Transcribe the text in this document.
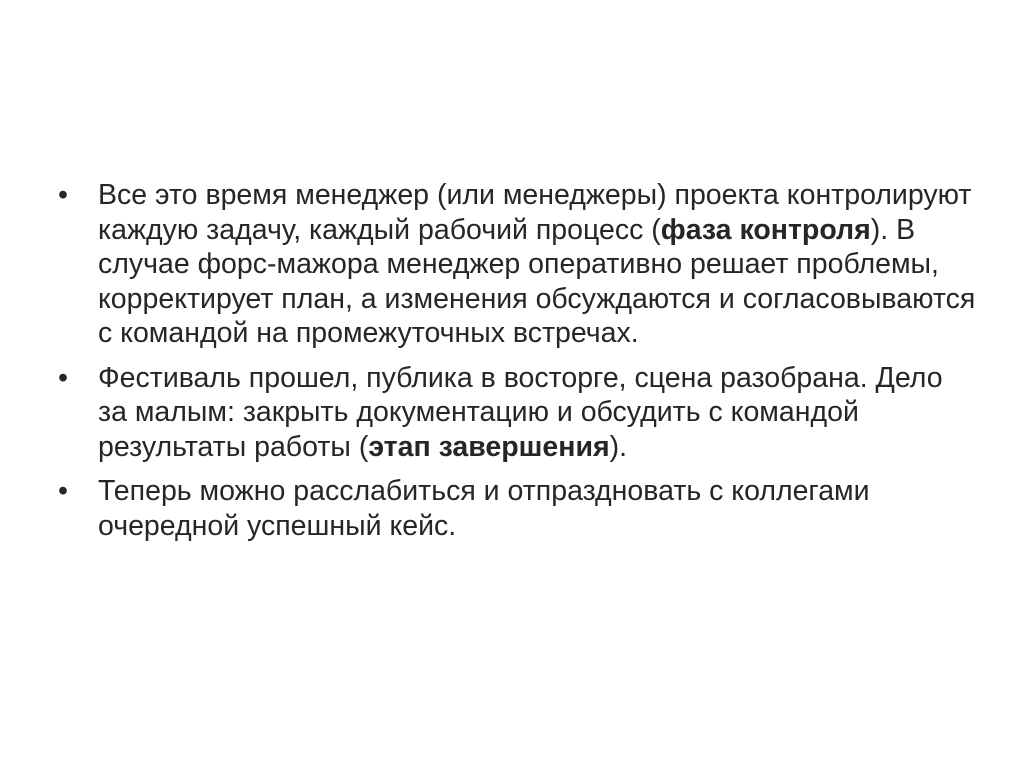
•	Все это время менеджер (или менеджеры) проекта контролируют каждую задачу, каждый рабочий процесс (фаза контроля). В случае форс-мажора менеджер оперативно решает проблемы, корректирует план, а изменения обсуждаются и согласовываются с командой на промежуточных встречах.
•	Фестиваль прошел, публика в восторге, сцена разобрана. Дело за малым: закрыть документацию и обсудить с командой результаты работы (этап завершения).
•	Теперь можно расслабиться и отпраздновать с коллегами очередной успешный кейс.
